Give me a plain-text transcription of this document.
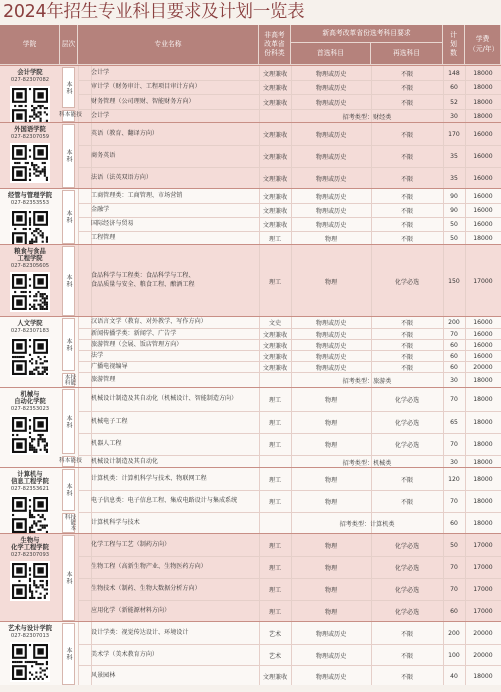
2024年招生专业科目要求及计划一览表
学院	层次	专业名称
非高考改革省份科类
新高考改革省份选考科目要求
首选科目	再选科目
计划数
学费（元/年）
会计学院
027-82307082
本科
会计学	文理兼收	物理或历史	不限	148	18000
审计学（财务审计、工程项目审计方向）	文理兼收	物理或历史	不限	60	18000
财务管理（公司理财、智能财务方向）	文理兼收	物理或历史	不限	52	18000
能本科	会计学	招考类型：财经类	30	18000
外国语学院
027-82307059
本科
英语（教育、翻译方向）	文理兼收	物理或历史	不限	170	16000
商务英语	文理兼收	物理或历史	不限	35	16000
法语（法英双语方向）	文理兼收	物理或历史	不限	35	16000
经管与管理学院
027-82353553
本科
工商管理类：工商管理、市场营销	文理兼收	物理或历史	不限	90	16000
金融学	文理兼收	物理或历史	不限	90	16000
国际经济与贸易	文理兼收	物理或历史	不限	50	16000
工程管理	理工	物理	不限	50	18000
粮食与食品
工程学院
027-82305605
本科	食品科学与工程类：食品科学与工程、
食品质量与安全、粮食工程、酿酒工程	理工	物理	化学必选	150	17000
人文学院
027-82307183
本科
汉语言文学（教育、对外教学、写作方向）	文史	物理或历史	不限	200	16000
新闻传播学类：新闻学、广告学	文理兼收	物理或历史	不限	70	16000
旅游管理（会展、饭店管理方向）	文理兼收	物理或历史	不限	60	16000
法学	文理兼收	物理或历史	不限	60	16000
广播电视编导	文理兼收	物理或历史	不限	60	20000
技能本科	旅游管理	招考类型：旅游类	30	18000
机械与
自动化学院
027-82353023
本科
机械设计制造及其自动化（机械设计、智能制造方向）	理工	物理	化学必选	70	18000
机械电子工程	理工	物理	化学必选	65	18000
机器人工程	理工	物理	化学必选	70	18000
能本科	机械设计制造及其自动化	招考类型：机械类	30	18000
计算机与
信息工程学院
027-82353621	本科
计算机类：计算机科学与技术、物联网工程	理工	物理	不限	120	18000
电子信息类：电子信息工程、集成电路设计与集成系统	理工	物理	不限	70	18000
技能本科
计算机科学与技术	招考类型：计算机类	60	18000
生物与
化学工程学院
027-82307093
本科
化学工程与工艺（制药方向）	理工	物理	化学必选	50	17000
生物工程（高新生物产业、生物医药方向）	理工	物理	化学必选	70	17000
生物技术（制药、生物大数据分析方向）	理工	物理	化学必选	70	17000
应用化学（新能源材料方向）	理工	物理	化学必选	60	17000
艺术与设计学院
027-82307013
本科
设计学类：视觉传达设计、环境设计	艺术	物理或历史	不限	200	20000
美术学（美术教育方向）	艺术	物理或历史	不限	100	20000
风景园林	文理兼收	物理或历史	不限	40	18000
